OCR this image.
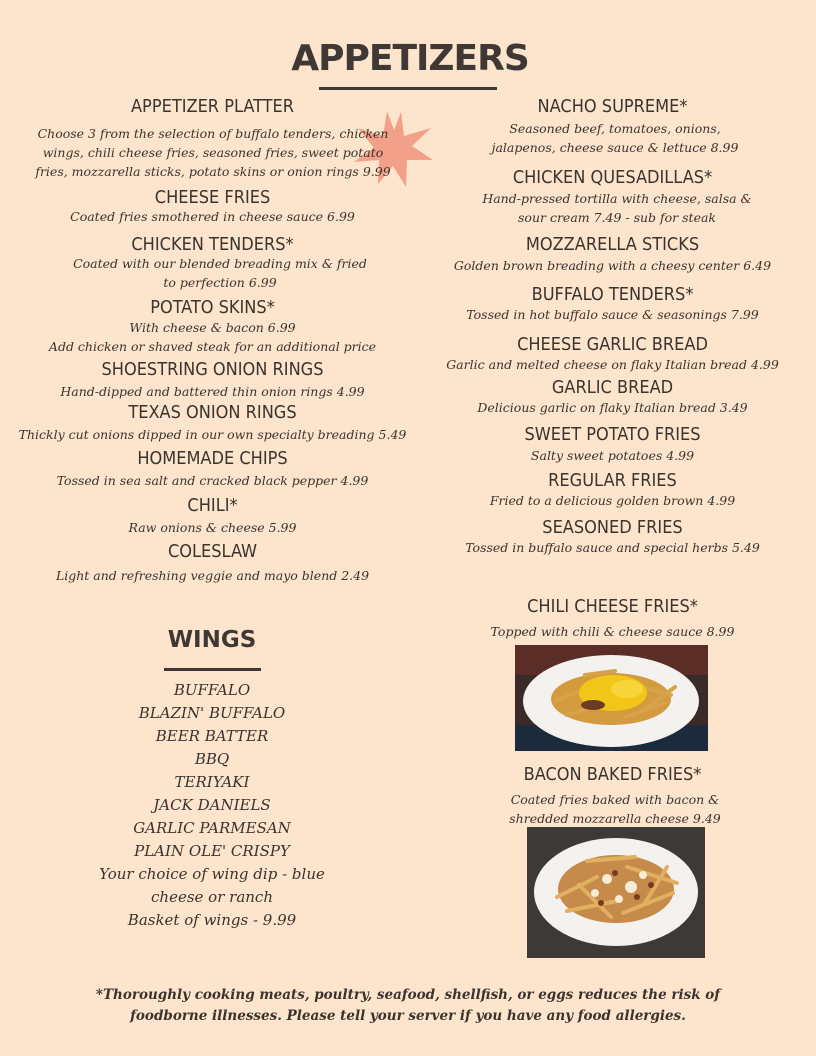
APPETIZERS
APPETIZER PLATTER
Choose 3 from the selection of buffalo tenders, chicken wings, chili cheese fries, seasoned fries, sweet potato fries, mozzarella sticks, potato skins or onion rings 9.99
CHEESE FRIES
Coated fries smothered in cheese sauce 6.99
CHICKEN TENDERS*
Coated with our blended breading mix & fried to perfection 6.99
POTATO SKINS*
With cheese & bacon 6.99
Add chicken or shaved steak for an additional price
SHOESTRING ONION RINGS
Hand-dipped and battered thin onion rings 4.99
TEXAS ONION RINGS
Thickly cut onions dipped in our own specialty breading 5.49
HOMEMADE CHIPS
Tossed in sea salt and cracked black pepper 4.99
CHILI*
Raw onions & cheese 5.99
COLESLAW
Light and refreshing veggie and mayo blend 2.49
WINGS
BUFFALO
BLAZIN' BUFFALO
BEER BATTER
BBQ
TERIYAKI
JACK DANIELS
GARLIC PARMESAN
PLAIN OLE' CRISPY
Your choice of wing dip - blue
cheese or ranch
Basket of wings - 9.99
NACHO SUPREME*
Seasoned beef, tomatoes, onions, jalapenos, cheese sauce & lettuce 8.99
CHICKEN QUESADILLAS*
Hand-pressed tortilla with cheese, salsa & sour cream 7.49 - sub for steak
MOZZARELLA STICKS
Golden brown breading with a cheesy center 6.49
BUFFALO TENDERS*
Tossed in hot buffalo sauce & seasonings 7.99
CHEESE GARLIC BREAD
Garlic and melted cheese on flaky Italian bread 4.99
GARLIC BREAD
Delicious garlic on flaky Italian bread 3.49
SWEET POTATO FRIES
Salty sweet potatoes 4.99
REGULAR FRIES
Fried to a delicious golden brown 4.99
SEASONED FRIES
Tossed in buffalo sauce and special herbs 5.49
CHILI CHEESE FRIES*
Topped with chili & cheese sauce 8.99
BACON BAKED FRIES*
Coated fries baked with bacon & shredded mozzarella cheese 9.49
*Thoroughly cooking meats, poultry, seafood, shellfish, or eggs reduces the risk of
foodborne illnesses. Please tell your server if you have any food allergies.
